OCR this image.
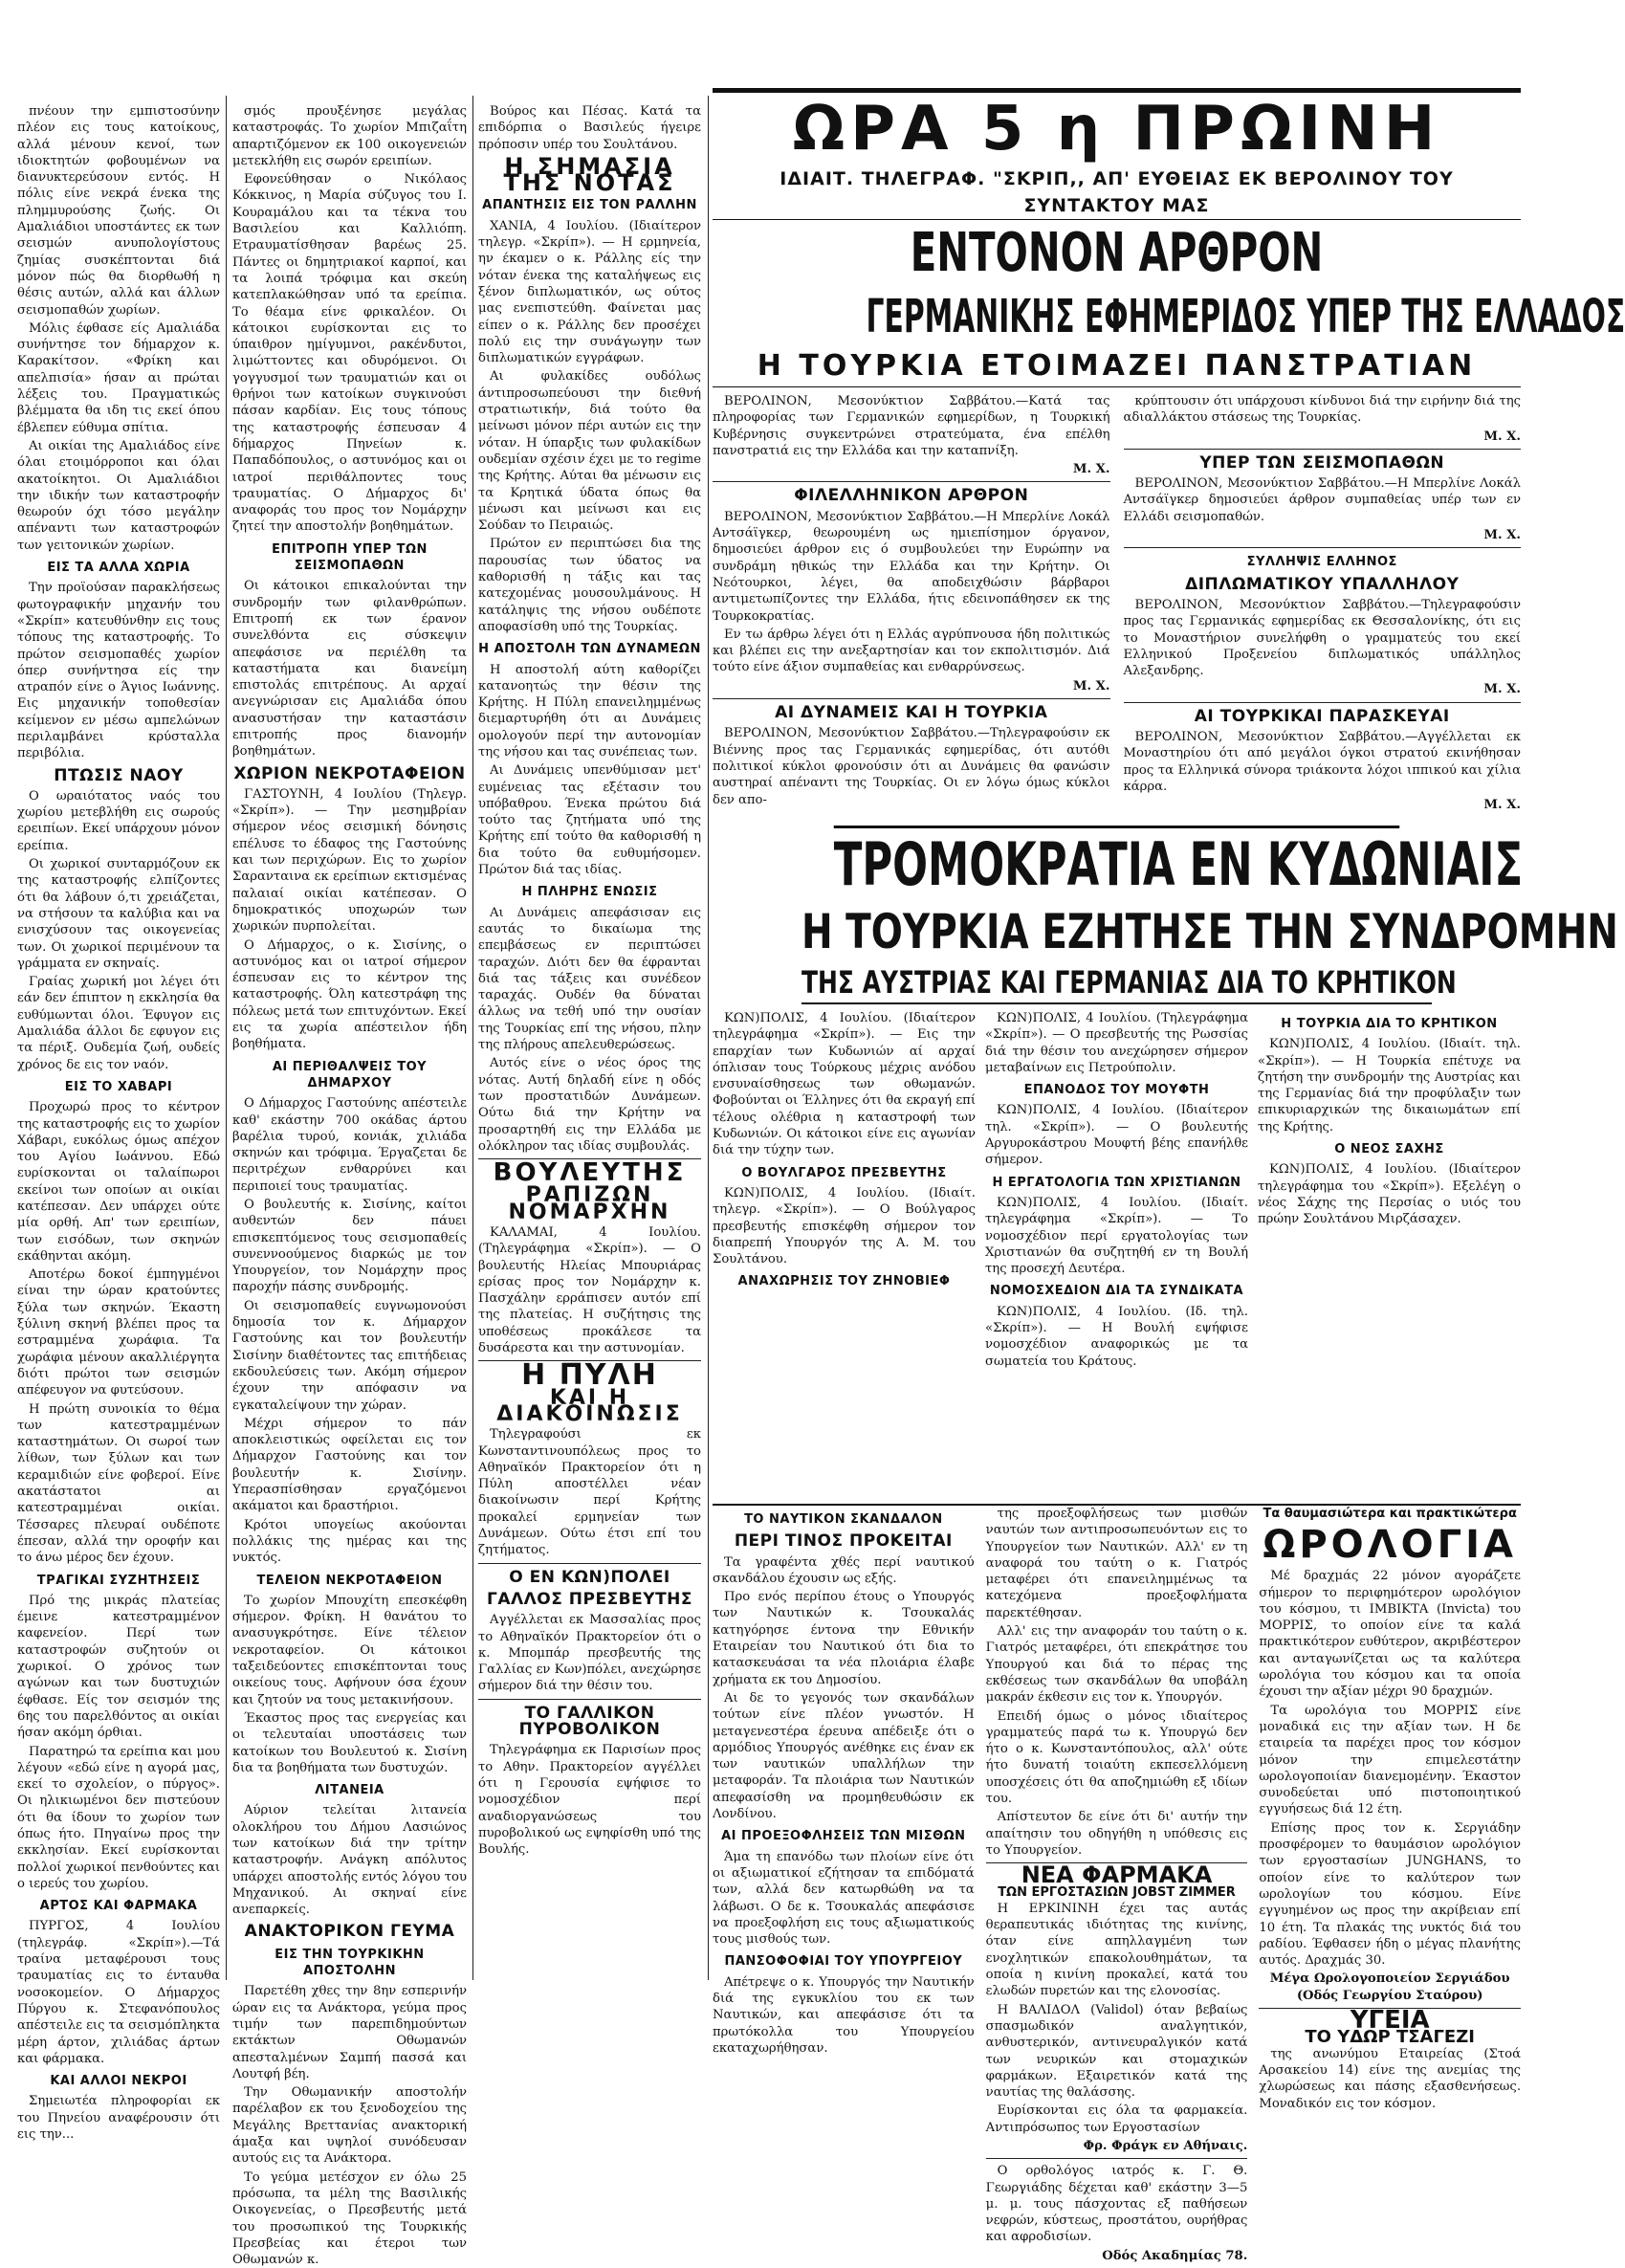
πνέουν την εμπιστοσύνην πλέον εις τους κατοίκους, αλλά μένουν κενοί, των ιδιοκτητών φοβουμένων να διανυκτερεύσουν εντός. Η πόλις είνε νεκρά ένεκα της πλημμυρούσης ζωής. Οι Αμαλιάδιοι υποστάντες εκ των σεισμών ανυπολογίστους ζημίας συσκέπτονται διά μόνον πώς θα διορθωθή η θέσις αυτών, αλλά και άλλων σεισμοπαθών χωρίων.

Μόλις έφθασε είς Αμαλιάδα συνήντησε τον δήμαρχον κ. Καρακίτσον. «Φρίκη και απελπισία» ήσαν αι πρώται λέξεις του. Πραγματικώς βλέμματα θα ιδη τις εκεί όπου έβλεπεν εύθυμα σπίτια.

Αι οικίαι της Αμαλιάδος είνε όλαι ετοιμόρροποι και όλαι ακατοίκητοι. Οι Αμαλιάδιοι την ιδικήν των καταστροφήν θεωρούν όχι τόσο μεγάλην απέναντι των καταστροφών των γειτονικών χωρίων.

ΕΙΣ ΤΑ ΑΛΛΑ ΧΩΡΙΑ

Την προϊούσαν παρακλήσεως φωτογραφικήν μηχανήν του «Σκρίπ» κατευθύνθην εις τους τόπους της καταστροφής. Το πρώτον σεισμοπαθές χωρίον όπερ συνήντησα είς την ατραπόν είνε ο Άγιος Ιωάννης. Εις μηχανικήν τοποθεσίαν κείμενον εν μέσω αμπελώνων περιλαμβάνει κρύσταλλα περιβόλια.

ΠΤΩΣΙΣ ΝΑΟΥ

Ο ωραιότατος ναός του χωρίου μετεβλήθη εις σωρούς ερειπίων. Εκεί υπάρχουν μόνον ερείπια.

Οι χωρικοί συνταρμόζουν εκ της καταστροφής ελπίζοντες ότι θα λάβουν ό,τι χρειάζεται, να στήσουν τα καλύβια και να ενισχύσουν τας οικογενείας των. Οι χωρικοί περιμένουν τα γράμματα εν σκηναίς.

Γραίας χωρική μοι λέγει ότι εάν δεν έπιπτον η εκκλησία θα ευθύμωνται όλοι. Έφυγον εις Αμαλιάδα άλλοι δε εφυγον εις τα πέριξ. Ουδεμία ζωή, ουδείς χρόνος δε εις τον ναόν.

ΕΙΣ ΤΟ ΧΑΒΑΡΙ

Προχωρώ προς το κέντρον της καταστροφής εις το χωρίον Χάβαρι, ευκόλως όμως απέχον του Αγίου Ιωάννου. Εδώ ευρίσκονται οι ταλαίπωροι εκείνοι των οποίων αι οικίαι κατέπεσαν. Δεν υπάρχει ούτε μία ορθή. Απ' των ερειπίων, των εισόδων, των σκηνών εκάθηνται ακόμη.

Αποτέρω δοκοί έμπηγμένοι είναι την ώραν κρατούντες ξύλα των σκηνών. Έκαστη ξύλινη σκηνή βλέπει προς τα εστραμμένα χωράφια. Τα χωράφια μένουν ακαλλιέργητα διότι πρώτοι των σεισμών απέφευγον να φυτεύσουν.

Η πρώτη συνοικία το θέμα των κατεστραμμένων καταστημάτων. Οι σωροί των λίθων, των ξύλων και των κεραμιδιών είνε φοβεροί. Είνε ακατάστατοι αι κατεστραμμέναι οικίαι. Τέσσαρες πλευραί ουδέποτε έπεσαν, αλλά την οροφήν και το άνω μέρος δεν έχουν.

ΤΡΑΓΙΚΑΙ ΣΥΖΗΤΗΣΕΙΣ

Πρό της μικράς πλατείας έμεινε κατεστραμμένον καφενείον. Περί των καταστροφών συζητούν οι χωρικοί. Ο χρόνος των αγώνων και των δυστυχιών έφθασε. Είς τον σεισμόν της 6ης του παρελθόντος αι οικίαι ήσαν ακόμη όρθιαι.

Παρατηρώ τα ερείπια και μου λέγουν «εδώ είνε η αγορά μας, εκεί το σχολείον, ο πύργος». Οι ηλικιωμένοι δεν πιστεύουν ότι θα ίδουν το χωρίον των όπως ήτο. Πηγαίνω προς την εκκλησίαν. Εκεί ευρίσκονται πολλοί χωρικοί πενθούντες και ο ιερεύς του χωρίου.

ΑΡΤΟΣ ΚΑΙ ΦΑΡΜΑΚΑ

ΠΥΡΓΟΣ, 4 Ιουλίου (τηλεγράφ. «Σκρίπ»).—Τά τραίνα μεταφέρουσι τους τραυματίας εις το ένταυθα νοσοκομείον. Ο Δήμαρχος Πύργου κ. Στεφανόπουλος απέστειλε εις τα σεισμόπληκτα μέρη άρτον, χιλιάδας άρτων και φάρμακα.

ΚΑΙ ΑΛΛΟΙ ΝΕΚΡΟΙ

Σημειωτέα πληροφορίαι εκ του Πηνείου αναφέρουσιν ότι εις την...

σμός προυξένησε μεγάλας καταστροφάς. Το χωρίον Μπιζαΐτη απαρτιζόμενον εκ 100 οικογενειών μετεκλήθη εις σωρόν ερειπίων.

Εφονεύθησαν ο Νικόλαος Κόκκινος, η Μαρία σύζυγος του Ι. Κουραμάλου και τα τέκνα του Βασιλείου και Καλλιόπη. Ετραυματίσθησαν βαρέως 25. Πάντες οι δημητριακοί καρποί, και τα λοιπά τρόφιμα και σκεύη κατεπλακώθησαν υπό τα ερείπια. Το θέαμα είνε φρικαλέον. Οι κάτοικοι ευρίσκονται εις το ύπαιθρον ημίγυμνοι, ρακένδυτοι, λιμώττοντες και οδυρόμενοι. Οι γογγυσμοί των τραυματιών και οι θρήνοι των κατοίκων συγκινούσι πάσαν καρδίαν. Εις τους τόπους της καταστροφής έσπευσαν 4 δήμαρχος Πηνείων κ. Παπαδόπουλος, ο αστυνόμος και οι ιατροί περιθάλποντες τους τραυματίας. Ο Δήμαρχος δι' αναφοράς του προς τον Νομάρχην ζητεί την αποστολήν βοηθημάτων.

ΕΠΙΤΡΟΠΗ ΥΠΕΡ ΤΩΝ ΣΕΙΣΜΟΠΑΘΩΝ

Οι κάτοικοι επικαλούνται την συνδρομήν των φιλανθρώπων. Επιτροπή εκ των έρανον συνελθόντα εις σύσκεψιν απεφάσισε να περιέλθη τα καταστήματα και διανείμη επιστολάς επιτρέπους. Αι αρχαί ανεγνώρισαν εις Αμαλιάδα όπου ανασυστήσαν την καταστάσιν επιτροπής προς διανομήν βοηθημάτων.

ΧΩΡΙΟΝ ΝΕΚΡΟΤΑΦΕΙΟΝ

ΓΑΣΤΟΥΝΗ, 4 Ιουλίου (Τηλεγρ. «Σκρίπ»). — Την μεσημβρίαν σήμερον νέος σεισμική δόνησις επέλυσε το έδαφος της Γαστούνης και των περιχώρων. Εις το χωρίον Σαρανταινα εκ ερείπιων εκτισμένας παλαιαί οικίαι κατέπεσαν. Ο δημοκρατικός υποχωρών των χωρικών πυρπολείται.

Ο Δήμαρχος, ο κ. Σισίνης, ο αστυνόμος και οι ιατροί σήμερον έσπευσαν εις το κέντρον της καταστροφής. Όλη κατεστράφη της πόλεως μετά των επιτυχόντων. Εκεί εις τα χωρία απέστειλον ήδη βοηθήματα.

ΑΙ ΠΕΡΙΘΑΛΨΕΙΣ ΤΟΥ ΔΗΜΑΡΧΟΥ

Ο Δήμαρχος Γαστούνης απέστειλε καθ' εκάστην 700 οκάδας άρτου βαρέλια τυρού, κονιάκ, χιλιάδα σκηνών και τρόφιμα. Έργαζεται δε περιτρέχων ενθαρρύνει και περιποιεί τους τραυματίας.

Ο βουλευτής κ. Σισίνης, καίτοι αυθεντών δεν πάυει επισκεπτόμενος τους σεισμοπαθείς συνεννοούμενος διαρκώς με τον Υπουργείον, τον Νομάρχην προς παροχήν πάσης συνδρομής.

Οι σεισμοπαθείς ευγνωμονούσι δημοσία τον κ. Δήμαρχον Γαστούνης και τον βουλευτήν Σισίνην διαθέτοντες τας επιτήδειας εκδουλεύσεις των. Ακόμη σήμερον έχουν την απόφασιν να εγκαταλείψουν την χώραν.

Μέχρι σήμερον το πάν αποκλειστικώς οφείλεται εις τον Δήμαρχον Γαστούνης και τον βουλευτήν κ. Σισίνην. Υπερασπίσθησαν εργαζόμενοι ακάματοι και δραστήριοι.

Κρότοι υπογείως ακούονται πολλάκις της ημέρας και της νυκτός.

ΤΕΛΕΙΟΝ ΝΕΚΡΟΤΑΦΕΙΟΝ

Το χωρίον Μπουχίτη επεσκέφθη σήμερον. Φρίκη. Η θανάτου το ανασυγκρότησε. Είνε τέλειον νεκροταφείον. Οι κάτοικοι ταξειδεύοντες επισκέπτονται τους οικείους τους. Αφήνουν όσα έχουν και ζητούν να τους μετακινήσουν.

Έκαστος προς τας ενεργείας και οι τελευταίαι υποστάσεις των κατοίκων του Βουλευτού κ. Σισίνη δια τα βοηθήματα των δυστυχών.

ΛΙΤΑΝΕΙΑ

Αύριον τελείται λιτανεία ολοκλήρου του Δήμου Λασιώνος των κατοίκων διά την τρίτην καταστροφήν. Ανάγκη απόλυτος υπάρχει αποστολής εντός λόγου του Μηχανικού. Αι σκηναί είνε ανεπαρκείς.

ΑΝΑΚΤΟΡΙΚΟΝ ΓΕΥΜΑ
ΕΙΣ ΤΗΝ ΤΟΥΡΚΙΚΗΝ ΑΠΟΣΤΟΛΗΝ

Παρετέθη χθες την 8ην εσπερινήν ώραν εις τα Ανάκτορα, γεύμα προς τιμήν των παρεπιδημούντων εκτάκτων Οθωμανών απεσταλμένων Σαμπή πασσά και Λουτφή βέη.

Την Οθωμανικήν αποστολήν παρέλαβον εκ του ξενοδοχείου της Μεγάλης Βρεττανίας ανακτορική άμαξα και υψηλοί συνόδευσαν αυτούς εις τα Ανάκτορα.

Το γεύμα μετέσχον εν όλω 25 πρόσωπα, τα μέλη της Βασιλικής Οικογενείας, ο Πρεσβευτής μετά του προσωπικού της Τουρκικής Πρεσβείας και έτεροι των Οθωμανών κ.

Βούρος και Πέσας. Κατά τα επιδόρπια ο Βασιλεύς ήγειρε πρόποσιν υπέρ του Σουλτάνου.

Η ΣΗΜΑΣΙΑ ΤΗΣ ΝΟΤΑΣ
ΑΠΑΝΤΗΣΙΣ ΕΙΣ ΤΟΝ ΡΑΛΛΗΝ

ΧΑΝΙΑ, 4 Ιουλίου. (Ιδιαίτερον τηλεγρ. «Σκρίπ»). — Η ερμηνεία, ην έκαμεν ο κ. Ράλλης είς την νόταν ένεκα της καταλήψεως εις ξένον διπλωματικόν, ως ούτος μας ενεπιστεύθη. Φαίνεται μας είπεν ο κ. Ράλλης δεν προσέχει πολύ εις την συνάγωγην των διπλωματικών εγγράφων.

Αι φυλακίδες ουδόλως άντιπροσωπεύουσι την διεθνή στρατιωτικήν, διά τούτο θα μείνωσι μόνον πέρι αυτών εις την νόταν. Η ύπαρξις των φυλακίδων ουδεμίαν σχέσιν έχει με το regime της Κρήτης. Αύται θα μένωσιν εις τα Κρητικά ύδατα όπως θα μένωσι και μείνωσι και εις Σούδαν το Πειραιώς.

Πρώτον εν περιπτώσει δια της παρουσίας των ύδατος να καθορισθή η τάξις και τας κατεχομένας μουσουλμάνους. Η κατάληψις της νήσου ουδέποτε αποφασίσθη υπό της Τουρκίας.

Η ΑΠΟΣΤΟΛΗ ΤΩΝ ΔΥΝΑΜΕΩΝ

Η αποστολή αύτη καθορίζει κατανοητώς την θέσιν της Κρήτης. Η Πύλη επανειλημμένως διεμαρτυρήθη ότι αι Δυνάμεις ομολογούν περί την αυτονομίαν της νήσου και τας συνέπειας των.

Αι Δυνάμεις υπενθύμισαν μετ' ευμένειας τας εξέτασιν του υπόβαθρου. Ένεκα πρώτου διά τούτο τας ζητήματα υπό της Κρήτης επί τούτο θα καθορισθή η δια τούτο θα ευθυμήσομεν. Πρώτον διά τας ιδίας.

Η ΠΛΗΡΗΣ ΕΝΩΣΙΣ

Αι Δυνάμεις απεφάσισαν εις εαυτάς το δικαίωμα της επεμβάσεως εν περιπτώσει ταραχών. Διότι δεν θα έφρανται διά τας τάξεις και συνέδεον ταραχάς. Ουδέν θα δύναται άλλως να τεθή υπό την ουσίαν της Τουρκίας επί της νήσου, πλην της πλήρους απελευθερώσεως.

Αυτός είνε ο νέος όρος της νότας. Αυτή δηλαδή είνε η οδός των προστατιδών Δυνάμεων. Ούτω διά την Κρήτην να προσαρτηθή εις την Ελλάδα με ολόκληρον τας ιδίας συμβουλάς.

ΒΟΥΛΕΥΤΗΣ
ΡΑΠΙΖΩΝ ΝΟΜΑΡΧΗΝ

ΚΑΛΑΜΑΙ, 4 Ιουλίου. (Τηλεγράφημα «Σκρίπ»). — Ο βουλευτής Ηλείας Μπουριάρας ερίσας προς τον Νομάρχην κ. Πασχάλην ερράπισεν αυτόν επί της πλατείας. Η συζήτησις της υποθέσεως προκάλεσε τα δυσάρεστα και την αστυνομίαν.

Η ΠΥΛΗ
ΚΑΙ Η ΔΙΑΚΟΙΝΩΣΙΣ

Τηλεγραφούσι εκ Κωνσταντινουπόλεως προς το Αθηναϊκόν Πρακτορείον ότι η Πύλη αποστέλλει νέαν διακοίνωσιν περί Κρήτης προκαλεί ερμηνείαν των Δυνάμεων. Ούτω έτσι επί του ζητήματος.

Ο ΕΝ ΚΩΝ)ΠΟΛΕΙ
ΓΑΛΛΟΣ ΠΡΕΣΒΕΥΤΗΣ

Αγγέλλεται εκ Μασσαλίας προς το Αθηναϊκόν Πρακτορείον ότι ο κ. Μπομπάρ πρεσβευτής της Γαλλίας εν Κων)πόλει, ανεχώρησε σήμερον διά την θέσιν του.

ΤΟ ΓΑΛΛΙΚΟΝ ΠΥΡΟΒΟΛΙΚΟΝ

Τηλεγράφημα εκ Παρισίων προς το Αθην. Πρακτορείον αγγέλλει ότι η Γερουσία εψήφισε το νομοσχέδιον περί αναδιοργανώσεως του πυροβολικού ως εψηφίσθη υπό της Βουλής.

ΩΡΑ 5 η ΠΡΩΙΝΗ
ΙΔΙΑΙΤ. ΤΗΛΕΓΡΑΦ. "ΣΚΡΙΠ,, ΑΠ' ΕΥΘΕΙΑΣ ΕΚ ΒΕΡΟΛΙΝΟΥ ΤΟΥ ΣΥΝΤΑΚΤΟΥ ΜΑΣ
ΕΝΤΟΝΟΝ ΑΡΘΡΟΝ
ΓΕΡΜΑΝΙΚΗΣ ΕΦΗΜΕΡΙΔΟΣ ΥΠΕΡ ΤΗΣ ΕΛΛΑΔΟΣ
Η ΤΟΥΡΚΙΑ ΕΤΟΙΜΑΖΕΙ ΠΑΝΣΤΡΑΤΙΑΝ

ΒΕΡΟΛΙΝΟΝ, Μεσονύκτιον Σαββάτου.—Κατά τας πληροφορίας των Γερμανικών εφημερίδων, η Τουρκική Κυβέρνησις συγκεντρώνει στρατεύματα, ένα επέλθη πανστρατιά εις την Ελλάδα και την καταπνίξη.

Μ. Χ.
ΦΙΛΕΛΛΗΝΙΚΟΝ ΑΡΘΡΟΝ

ΒΕΡΟΛΙΝΟΝ, Μεσονύκτιον Σαββάτου.—Η Μπερλίνε Λοκάλ Αντσάϊγκερ, θεωρουμένη ως ημιεπίσημον όργανον, δημοσιεύει άρθρον εις ό συμβουλεύει την Ευρώπην να συνδράμη ηθικώς την Ελλάδα και την Κρήτην. Οι Νεότουρκοι, λέγει, θα αποδειχθώσιν βάρβαροι αντιμετωπίζοντες την Ελλάδα, ήτις εδεινοπάθησεν εκ της Τουρκοκρατίας.

Εν τω άρθρω λέγει ότι η Ελλάς αγρύπνουσα ήδη πολιτικώς και βλέπει εις την ανεξαρτησίαν και τον εκπολιτισμόν. Διά τούτο είνε άξιον συμπαθείας και ενθαρρύνσεως.

Μ. Χ.
ΑΙ ΔΥΝΑΜΕΙΣ ΚΑΙ Η ΤΟΥΡΚΙΑ

ΒΕΡΟΛΙΝΟΝ, Μεσονύκτιον Σαββάτου.—Τηλεγραφούσιν εκ Βιέννης προς τας Γερμανικάς εφημερίδας, ότι αυτόθι πολιτικοί κύκλοι φρονούσιν ότι αι Δυνάμεις θα φανώσιν αυστηραί απέναντι της Τουρκίας. Οι εν λόγω όμως κύκλοι δεν απο-

κρύπτουσιν ότι υπάρχουσι κίνδυνοι διά την ειρήνην διά της αδιαλλάκτου στάσεως της Τουρκίας.

Μ. Χ.
ΥΠΕΡ ΤΩΝ ΣΕΙΣΜΟΠΑΘΩΝ

ΒΕΡΟΛΙΝΟΝ, Μεσονύκτιον Σαββάτου.—Η Μπερλίνε Λοκάλ Αντσάϊγκερ δημοσιεύει άρθρον συμπαθείας υπέρ των εν Ελλάδι σεισμοπαθών.

Μ. Χ.
ΣΥΛΛΗΨΙΣ ΕΛΛΗΝΟΣ
ΔΙΠΛΩΜΑΤΙΚΟΥ ΥΠΑΛΛΗΛΟΥ

ΒΕΡΟΛΙΝΟΝ, Μεσονύκτιον Σαββάτου.—Τηλεγραφούσιν προς τας Γερμανικάς εφημερίδας εκ Θεσσαλονίκης, ότι εις το Μοναστήριον συνελήφθη ο γραμματεύς του εκεί Ελληνικού Προξενείου διπλωματικός υπάλληλος Αλεξανδρης.

Μ. Χ.
ΑΙ ΤΟΥΡΚΙΚΑΙ ΠΑΡΑΣΚΕΥΑΙ

ΒΕΡΟΛΙΝΟΝ, Μεσονύκτιον Σαββάτου.—Αγγέλλεται εκ Μοναστηρίου ότι από μεγάλοι όγκοι στρατού εκινήθησαν προς τα Ελληνικά σύνορα τριάκοντα λόχοι ιππικού και χίλια κάρρα.

Μ. Χ.
ΤΡΟΜΟΚΡΑΤΙΑ ΕΝ ΚΥΔΩΝΙΑΙΣ
Η ΤΟΥΡΚΙΑ ΕΖΗΤΗΣΕ ΤΗΝ ΣΥΝΔΡΟΜΗΝ
ΤΗΣ ΑΥΣΤΡΙΑΣ ΚΑΙ ΓΕΡΜΑΝΙΑΣ ΔΙΑ ΤΟ ΚΡΗΤΙΚΟΝ

ΚΩΝ)ΠΟΛΙΣ, 4 Ιουλίου. (Ιδιαίτερον τηλεγράφημα «Σκρίπ»). — Εις την επαρχίαν των Κυδωνιών αί αρχαί όπλισαν τους Τούρκους μέχρις ανόδου ενσυναίσθησεως των οθωμανών. Φοβούνται οι Έλληνες ότι θα εκραγή επί τέλους ολέθρια η καταστροφή των Κυδωνιών. Οι κάτοικοι είνε εις αγωνίαν διά την τύχην των.

Ο ΒΟΥΛΓΑΡΟΣ ΠΡΕΣΒΕΥΤΗΣ

ΚΩΝ)ΠΟΛΙΣ, 4 Ιουλίου. (Ιδιαίτ. τηλεγρ. «Σκρίπ»). — Ο Βούλγαρος πρεσβευτής επισκέφθη σήμερον τον διαπρεπή Υπουργόν της Α. Μ. του Σουλτάνου.

ΑΝΑΧΩΡΗΣΙΣ ΤΟΥ ΖΗΝΟΒΙΕΦ

ΚΩΝ)ΠΟΛΙΣ, 4 Ιουλίου. (Τηλεγράφημα «Σκρίπ»). — Ο πρεσβευτής της Ρωσσίας διά την θέσιν του ανεχώρησεν σήμερον μεταβαίνων εις Πετρούπολιν.

ΕΠΑΝΟΔΟΣ ΤΟΥ ΜΟΥΦΤΗ

ΚΩΝ)ΠΟΛΙΣ, 4 Ιουλίου. (Ιδιαίτερον τηλ. «Σκρίπ»). — Ο βουλευτής Αργυροκάστρου Μουφτή βέης επανήλθε σήμερον.

Η ΕΡΓΑΤΟΛΟΓΙΑ ΤΩΝ ΧΡΙΣΤΙΑΝΩΝ

ΚΩΝ)ΠΟΛΙΣ, 4 Ιουλίου. (Ιδιαίτ. τηλεγράφημα «Σκρίπ»). — Το νομοσχέδιον περί εργατολογίας των Χριστιανών θα συζητηθή εν τη Βουλή της προσεχή Δευτέρα.

ΝΟΜΟΣΧΕΔΙΟΝ ΔΙΑ ΤΑ ΣΥΝΔΙΚΑΤΑ

ΚΩΝ)ΠΟΛΙΣ, 4 Ιουλίου. (Ιδ. τηλ. «Σκρίπ»). — Η Βουλή εψήφισε νομοσχέδιον αναφορικώς με τα σωματεία του Κράτους.

Η ΤΟΥΡΚΙΑ ΔΙΑ ΤΟ ΚΡΗΤΙΚΟΝ

ΚΩΝ)ΠΟΛΙΣ, 4 Ιουλίου. (Ιδιαίτ. τηλ. «Σκρίπ»). — Η Τουρκία επέτυχε να ζητήση την συνδρομήν της Αυστρίας και της Γερμανίας διά την προφύλαξιν των επικυριαρχικών της δικαιωμάτων επί της Κρήτης.

Ο ΝΕΟΣ ΣΑΧΗΣ

ΚΩΝ)ΠΟΛΙΣ, 4 Ιουλίου. (Ιδιαίτερον τηλεγράφημα του «Σκρίπ»). Εξελέγη ο νέος Σάχης της Περσίας ο υιός του πρώην Σουλτάνου Μιρζάσαχεν.

ΤΟ ΝΑΥΤΙΚΟΝ ΣΚΑΝΔΑΛΟΝ
ΠΕΡΙ ΤΙΝΟΣ ΠΡΟΚΕΙΤΑΙ

Τα γραφέντα χθές περί ναυτικού σκανδάλου έχουσιν ως εξής.

Προ ενός περίπου έτους ο Υπουργός των Ναυτικών κ. Τσουκαλάς κατηγόρησε έντονα την Εθνικήν Εταιρείαν του Ναυτικού ότι δια το κατασκευάσαι τα νέα πλοιάρια έλαβε χρήματα εκ του Δημοσίου.

Αι δε το γεγονός των σκανδάλων τούτων είνε πλέον γνωστόν. Η μεταγενεστέρα έρευνα απέδειξε ότι ο αρμόδιος Υπουργός ανέθηκε εις έναν εκ των ναυτικών υπαλλήλων την μεταφοράν. Τα πλοιάρια των Ναυτικών απεφασίσθη να προμηθευθώσιν εκ Λονδίνου.

ΑΙ ΠΡΟΕΞΟΦΛΗΣΕΙΣ ΤΩΝ ΜΙΣΘΩΝ

Άμα τη επανόδω των πλοίων είνε ότι οι αξιωματικοί εζήτησαν τα επιδόματά των, αλλά δεν κατωρθώθη να τα λάβωσι. Ο δε κ. Τσουκαλάς απεφάσισε να προεξοφλήση εις τους αξιωματικούς τους μισθούς των.

ΠΑΝΣΟΦΟΦΙΑΙ ΤΟΥ ΥΠΟΥΡΓΕΙΟΥ

Απέτρεψε ο κ. Υπουργός την Ναυτικήν διά της εγκυκλίου του εκ των Ναυτικών, και απεφάσισε ότι τα πρωτόκολλα του Υπουργείου εκαταχωρήθησαν.

της προεξοφλήσεως των μισθών ναυτών των αντιπροσωπευόντων εις το Υπουργείον των Ναυτικών. Αλλ' εν τη αναφορά του ταύτη ο κ. Γιατρός μεταφέρει ότι επανειλημμένως τα κατεχόμενα προεξοφλήματα παρεκτέθησαν.

Αλλ' εις την αναφοράν του ταύτη ο κ. Γιατρός μεταφέρει, ότι επεκράτησε του Υπουργού και διά το πέρας της εκθέσεως των σκανδάλων θα υποβάλη μακράν έκθεσιν εις τον κ. Υπουργόν.

Επειδή όμως ο μόνος ιδιαίτερος γραμματεύς παρά τω κ. Υπουργώ δεν ήτο ο κ. Κωνσταντόπουλος, αλλ' ούτε ήτο δυνατή τοιαύτη εκπεσελλόμενη υποσχέσεις ότι θα αποζημιώθη εξ ιδίων του.

Απίστευτον δε είνε ότι δι' αυτήν την απαίτησιν του οδηγήθη η υπόθεσις εις το Υπουργείον.

ΝΕΑ ΦΑΡΜΑΚΑ
ΤΩΝ ΕΡΓΟΣΤΑΣΙΩΝ JOBST ZIMMER

Η ΕΡΚΙΝΙΝΗ έχει τας αυτάς θεραπευτικάς ιδιότητας της κινίνης, όταν είνε απηλλαγμένη των ενοχλητικών επακολουθημάτων, τα οποία η κινίνη προκαλεί, κατά του ελωδών πυρετών και της ελονοσίας.

Η ΒΑΛΙΔΟΛ (Validol) όταν βεβαίως σπασμωδικόν αναλγητικόν, ανθυστερικόν, αντινευραλγικόν κατά των νευρικών και στομαχικών φαρμάκων. Εξαιρετικόν κατά της ναυτίας της θαλάσσης.

Ευρίσκονται εις όλα τα φαρμακεία. Αντιπρόσωπος των Εργοστασίων

Φρ. Φράγκ εν Αθήναις.

Ο ορθολόγος ιατρός κ. Γ. Θ. Γεωργιάδης δέχεται καθ' εκάστην 3—5 μ. μ. τους πάσχοντας εξ παθήσεων νεφρών, κύστεως, προστάτου, ουρήθρας και αφροδισίων.

Οδός Ακαδημίας 78.
Τα θαυμασιώτερα και πρακτικώτερα
ΩΡΟΛΟΓΙΑ

Μέ δραχμάς 22 μόνον αγοράζετε σήμερον το περιφημότερον ωρολόγιον του κόσμου, τι ΙΜΒΙΚΤΑ (Invicta) του ΜΟΡΡΙΣ, το οποίον είνε τα καλά πρακτικότερον ευθύτερον, ακριβέστερον και ανταγωνίζεται ως τα καλύτερα ωρολόγια του κόσμου και τα οποία έχουσι την αξίαν μέχρι 90 δραχμών.

Τα ωρολόγια του ΜΟΡΡΙΣ είνε μοναδικά εις την αξίαν των. Η δε εταιρεία τα παρέχει προς τον κόσμον μόνον την επιμελεστάτην ωρολογοποιίαν διανεμομένην. Έκαστον συνοδεύεται υπό πιστοποιητικού εγγυήσεως διά 12 έτη.

Επίσης προς τον κ. Σεργιάδην προσφέρομεν το θαυμάσιον ωρολόγιον των εργοστασίων JUNGHANS, το οποίον είνε το καλύτερον των ωρολογίων του κόσμου. Είνε εγγυημένον ως προς την ακρίβειαν επί 10 έτη. Τα πλακάς της νυκτός διά του ραδίου. Έφθασεν ήδη ο μέγας πλανήτης αυτός. Δραχμάς 30.

Μέγα Ωρολογοποιείον Σεργιάδου (Οδός Γεωργίου Σταύρου)
ΥΓΕΙΑ
ΤΟ ΥΔΩΡ ΤΣΑΓΕΖΙ

της ανωνύμου Εταιρείας (Στοά Αρσακείου 14) είνε της ανεμίας της χλωρώσεως και πάσης εξασθενήσεως. Μοναδικόν εις τον κόσμον.
